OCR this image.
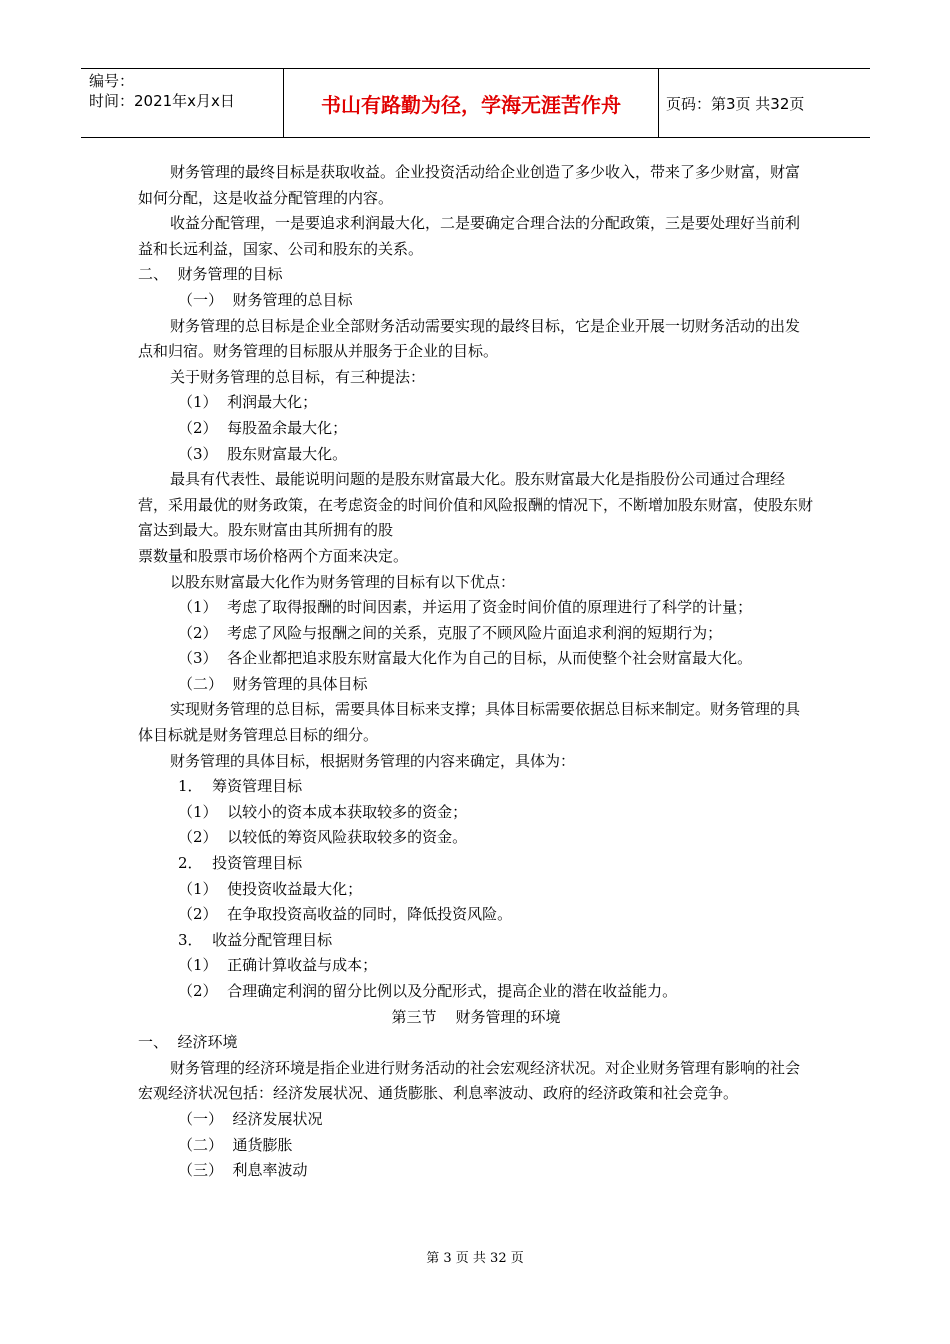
编号：
时间：2021年x月x日	书山有路勤为径，学海无涯苦作舟	页码：第3页 共32页

财务管理的最终目标是获取收益。企业投资活动给企业创造了多少收入，带来了多少财富，财富如何分配，这是收益分配管理的内容。

收益分配管理，一是要追求利润最大化，二是要确定合理合法的分配政策，三是要处理好当前利益和长远利益，国家、公司和股东的关系。

二、  财务管理的目标

（一）  财务管理的总目标

财务管理的总目标是企业全部财务活动需要实现的最终目标，它是企业开展一切财务活动的出发点和归宿。财务管理的目标服从并服务于企业的目标。

关于财务管理的总目标，有三种提法：

（1）  利润最大化；

（2）  每股盈余最大化；

（3）  股东财富最大化。

最具有代表性、最能说明问题的是股东财富最大化。股东财富最大化是指股份公司通过合理经营，采用最优的财务政策，在考虑资金的时间价值和风险报酬的情况下，不断增加股东财富，使股东财富达到最大。股东财富由其所拥有的股

票数量和股票市场价格两个方面来决定。

以股东财富最大化作为财务管理的目标有以下优点：

（1）  考虑了取得报酬的时间因素，并运用了资金时间价值的原理进行了科学的计量；

（2）  考虑了风险与报酬之间的关系，克服了不顾风险片面追求利润的短期行为；

（3）  各企业都把追求股东财富最大化作为自己的目标，从而使整个社会财富最大化。

（二）  财务管理的具体目标

实现财务管理的总目标，需要具体目标来支撑；具体目标需要依据总目标来制定。财务管理的具体目标就是财务管理总目标的细分。

财务管理的具体目标，根据财务管理的内容来确定，具体为：

1．  筹资管理目标

（1）  以较小的资本成本获取较多的资金；

（2）  以较低的筹资风险获取较多的资金。

2．  投资管理目标

（1）  使投资收益最大化；

（2）  在争取投资高收益的同时，降低投资风险。

3．  收益分配管理目标

（1）  正确计算收益与成本；

（2）  合理确定利润的留分比例以及分配形式，提高企业的潜在收益能力。

第三节    财务管理的环境

一、  经济环境

财务管理的经济环境是指企业进行财务活动的社会宏观经济状况。对企业财务管理有影响的社会宏观经济状况包括：经济发展状况、通货膨胀、利息率波动、政府的经济政策和社会竞争。

（一）  经济发展状况

（二）  通货膨胀

（三）  利息率波动

第 3 页 共 32 页
